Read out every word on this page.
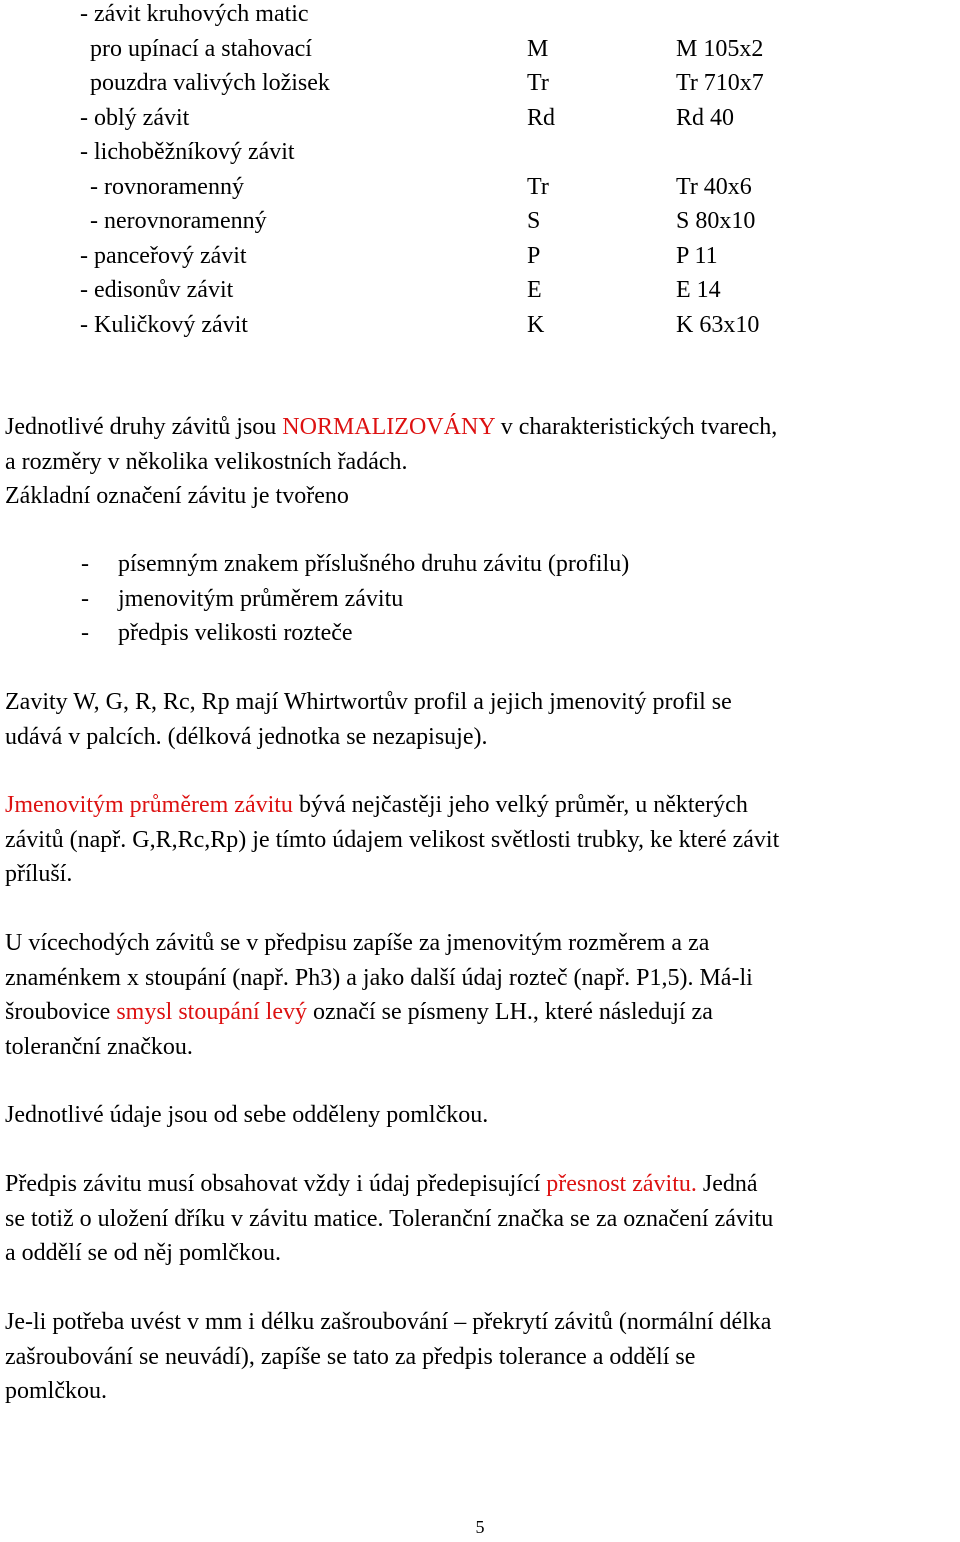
- závit kruhových matic
pro upínací a stahovací	M	M 105x2
pouzdra valivých ložisek	Tr	Tr 710x7
- oblý závit	Rd	Rd 40
- lichoběžníkový závit
- rovnoramenný	Tr	Tr 40x6
- nerovnoramenný	S	S 80x10
- panceřový závit	P	P 11
- edisonův závit	E	E 14
- Kuličkový závit	K	K 63x10
Jednotlivé druhy závitů jsou NORMALIZOVÁNY v charakteristických tvarech,
a rozměry v několika velikostních řadách.
Základní označení závitu je tvořeno
- písemným znakem příslušného druhu závitu (profilu)
- jmenovitým průměrem závitu
- předpis velikosti rozteče
Zavity W, G, R, Rc, Rp mají Whirtwortův profil a jejich jmenovitý profil se
udává v palcích. (délková jednotka se nezapisuje).
Jmenovitým průměrem závitu bývá nejčastěji jeho velký průměr, u některých
závitů (např. G,R,Rc,Rp) je tímto údajem velikost světlosti trubky, ke které závit
příluší.
U vícechodých závitů se v předpisu zapíše za jmenovitým rozměrem a za
znaménkem x stoupání (např. Ph3) a jako další údaj rozteč (např. P1,5). Má-li
šroubovice smysl stoupání levý označí se písmeny LH., které následují za
toleranční značkou.
Jednotlivé údaje jsou od sebe odděleny pomlčkou.
Předpis závitu musí obsahovat vždy i údaj předepisující přesnost závitu. Jedná
se totiž o uložení dříku v závitu matice. Toleranční značka se za označení závitu
a oddělí se od něj pomlčkou.
Je-li potřeba uvést v mm i délku zašroubování – překrytí závitů (normální délka
zašroubování se neuvádí), zapíše se tato za předpis tolerance a oddělí se
pomlčkou.
5
